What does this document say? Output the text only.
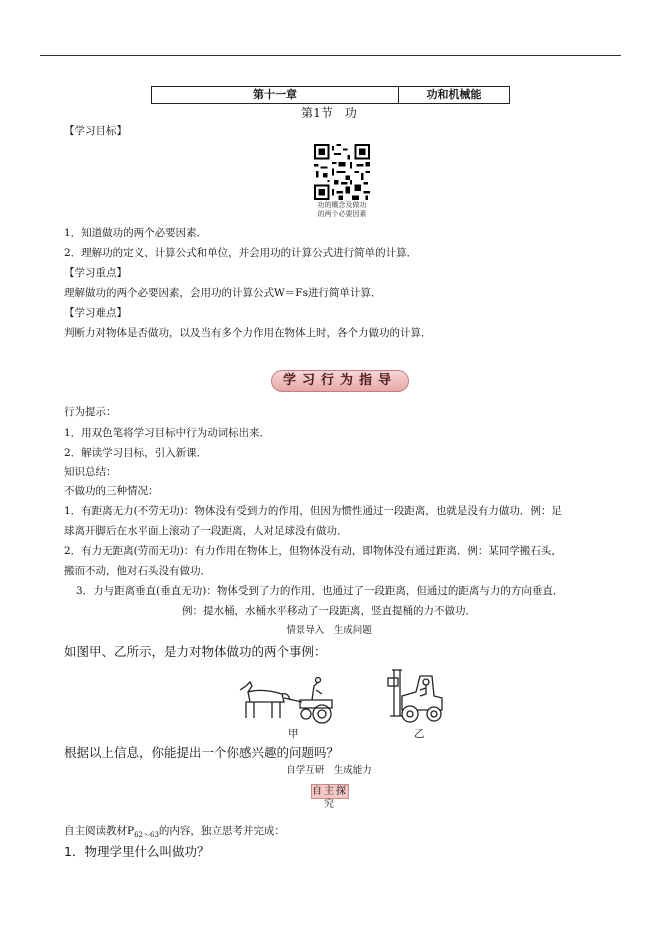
第十一章	功和机械能
第1节　功
【学习目标】
功的概念及做功
的两个必要因素
1．知道做功的两个必要因素．
2．理解功的定义、计算公式和单位，并会用功的计算公式进行简单的计算．
【学习重点】
理解做功的两个必要因素，会用功的计算公式W＝Fs进行简单计算．
【学习难点】
判断力对物体是否做功，以及当有多个力作用在物体上时，各个力做功的计算．
学习行为指导
行为提示：
1．用双色笔将学习目标中行为动词标出来．
2．解读学习目标，引入新课．
知识总结：
不做功的三种情况：
1．有距离无力(不劳无功)：物体没有受到力的作用，但因为惯性通过一段距离，也就是没有力做功．例：足
球离开脚后在水平面上滚动了一段距离，人对足球没有做功．
2．有力无距离(劳而无功)：有力作用在物体上，但物体没有动，即物体没有通过距离．例：某同学搬石头，
搬而不动，他对石头没有做功．
3．力与距离垂直(垂直无功)：物体受到了力的作用，也通过了一段距离，但通过的距离与力的方向垂直．
例：提水桶，水桶水平移动了一段距离，竖直提桶的力不做功．
情景导入　生成问题
如图甲、乙所示，是力对物体做功的两个事例：
甲	乙
根据以上信息，你能提出一个你感兴趣的问题吗？
自学互研　生成能力
自主探究
自主阅读教材$P_{62\sim 63}$的内容，独立思考并完成：
1．物理学里什么叫做功？
